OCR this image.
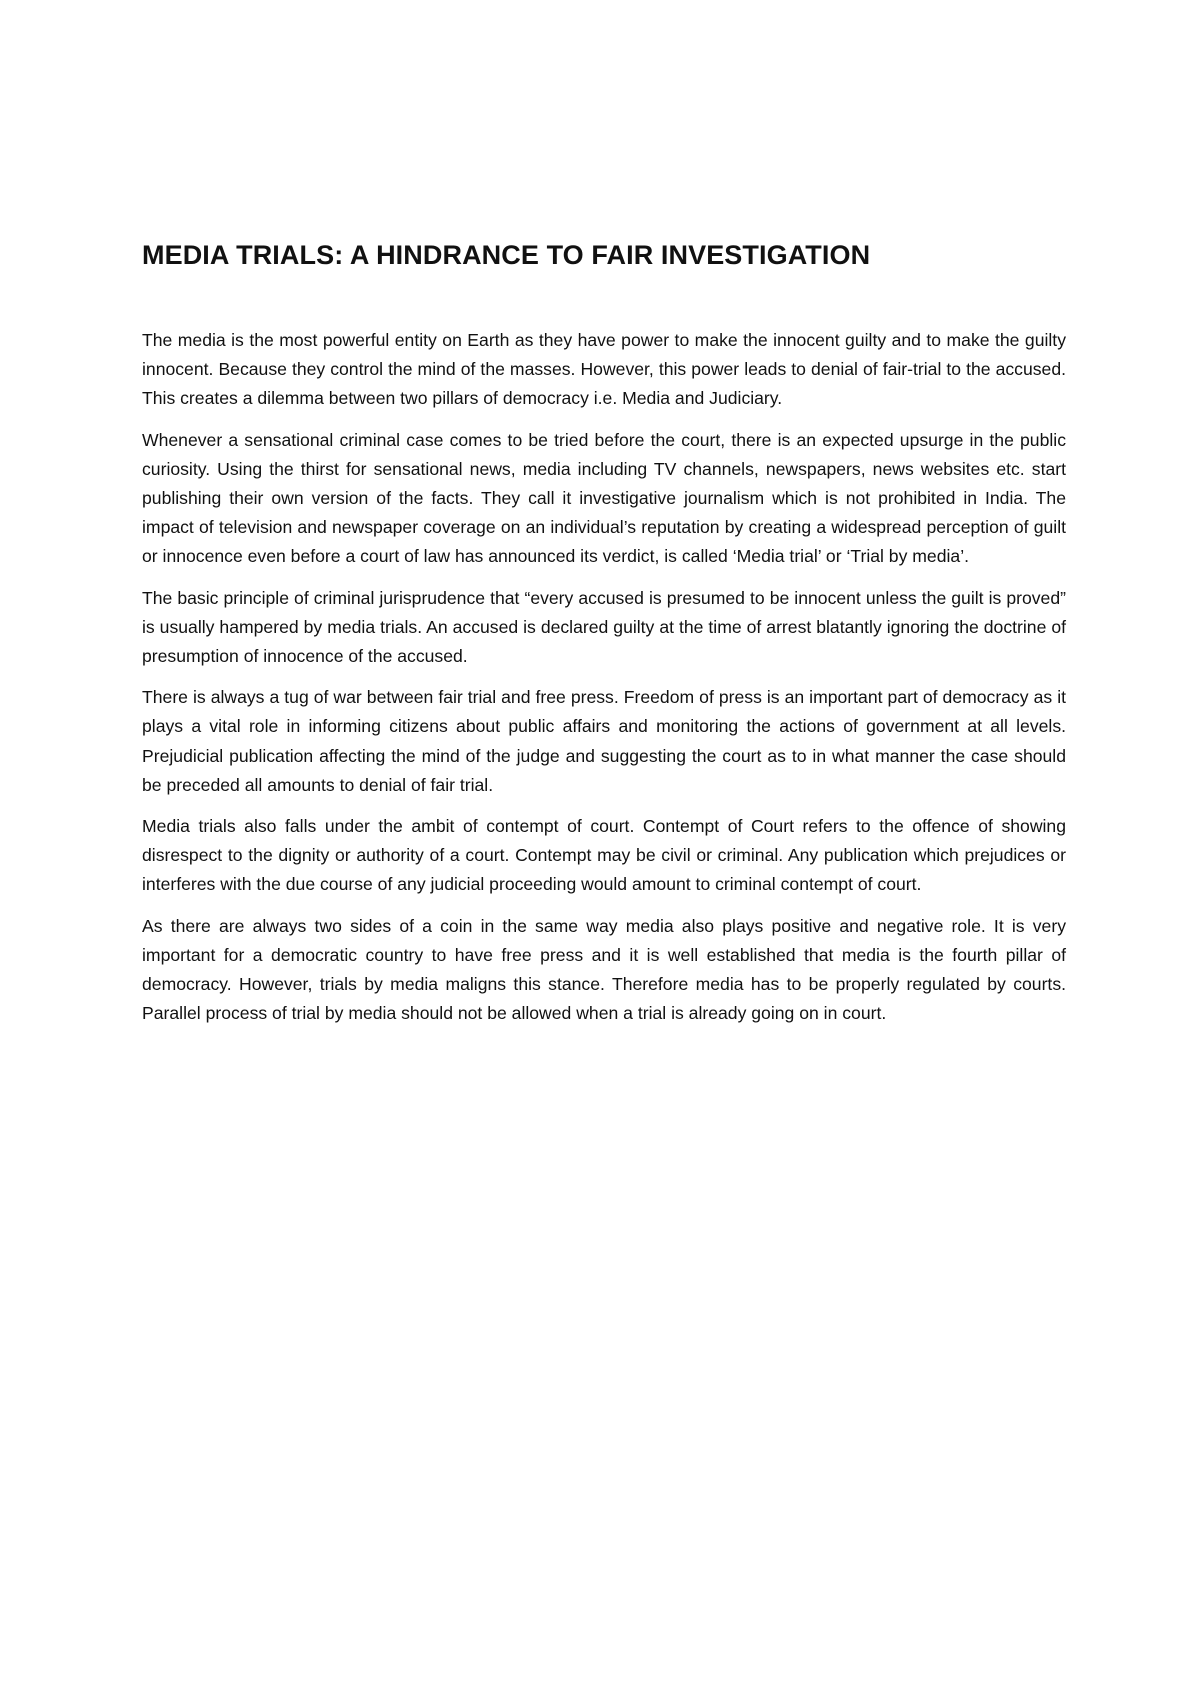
MEDIA TRIALS: A HINDRANCE TO FAIR INVESTIGATION

The media is the most powerful entity on Earth as they have power to make the innocent guilty and to make the guilty innocent. Because they control the mind of the masses. However, this power leads to denial of fair-trial to the accused. This creates a dilemma between two pillars of democracy i.e. Media and Judiciary.

Whenever a sensational criminal case comes to be tried before the court, there is an expected upsurge in the public curiosity. Using the thirst for sensational news, media including TV channels, newspapers, news websites etc. start publishing their own version of the facts. They call it investigative journalism which is not prohibited in India. The impact of television and newspaper coverage on an individual’s reputation by creating a widespread perception of guilt or innocence even before a court of law has announced its verdict, is called ‘Media trial’ or ‘Trial by media’.

The basic principle of criminal jurisprudence that “every accused is presumed to be innocent unless the guilt is proved” is usually hampered by media trials. An accused is declared guilty at the time of arrest blatantly ignoring the doctrine of presumption of innocence of the accused.

There is always a tug of war between fair trial and free press. Freedom of press is an important part of democracy as it plays a vital role in informing citizens about public affairs and monitoring the actions of government at all levels. Prejudicial publication affecting the mind of the judge and suggesting the court as to in what manner the case should be preceded all amounts to denial of fair trial.

Media trials also falls under the ambit of contempt of court. Contempt of Court refers to the offence of showing disrespect to the dignity or authority of a court. Contempt may be civil or criminal. Any publication which prejudices or interferes with the due course of any judicial proceeding would amount to criminal contempt of court.

As there are always two sides of a coin in the same way media also plays positive and negative role. It is very important for a democratic country to have free press and it is well established that media is the fourth pillar of democracy. However, trials by media maligns this stance. Therefore media has to be properly regulated by courts. Parallel process of trial by media should not be allowed when a trial is already going on in court.
